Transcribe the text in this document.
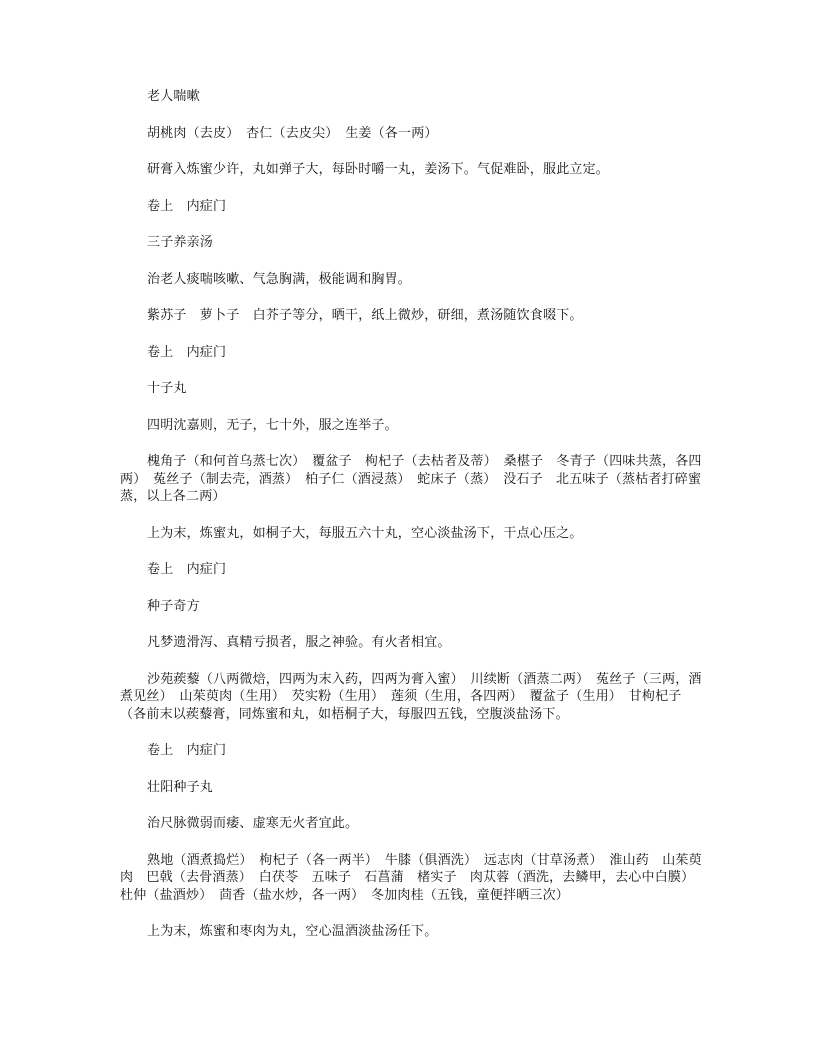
老人喘嗽

胡桃肉（去皮）　杏仁（去皮尖）　生姜（各一两）

研膏入炼蜜少许，丸如弹子大，每卧时嚼一丸，姜汤下。气促难卧，服此立定。

卷上　内症门

三子养亲汤

治老人痰喘咳嗽、气急胸满，极能调和胸胃。

紫苏子　萝卜子　白芥子等分，晒干，纸上微炒，研细，煮汤随饮食啜下。

卷上　内症门

十子丸

四明沈嘉则，无子，七十外，服之连举子。

槐角子（和何首乌蒸七次）　覆盆子　枸杞子（去枯者及蒂）　桑椹子　冬青子（四味共蒸，各四两）　菟丝子（制去壳，酒蒸）　柏子仁（酒浸蒸）　蛇床子（蒸）　没石子　北五味子（蒸枯者打碎蜜蒸，以上各二两）

上为末，炼蜜丸，如桐子大，每服五六十丸，空心淡盐汤下，干点心压之。

卷上　内症门

种子奇方

凡梦遗滑泻、真精亏损者，服之神验。有火者相宜。

沙苑蒺藜（八两微焙，四两为末入药，四两为膏入蜜）　川续断（酒蒸二两）　菟丝子（三两，酒煮见丝）　山茱萸肉（生用）　芡实粉（生用）　莲须（生用，各四两）　覆盆子（生用）　甘枸杞子（各前末以蒺藜膏，同炼蜜和丸，如梧桐子大，每服四五钱，空腹淡盐汤下。

卷上　内症门

壮阳种子丸

治尺脉微弱而痿、虚寒无火者宜此。

熟地（酒煮捣烂）　枸杞子（各一两半）　牛膝（俱酒洗）　远志肉（甘草汤煮）　淮山药　山茱萸肉　巴戟（去骨酒蒸）　白茯苓　五味子　石菖蒲　楮实子　肉苁蓉（酒洗，去鳞甲，去心中白膜）　杜仲（盐酒炒）　茴香（盐水炒，各一两）　冬加肉桂（五钱，童便拌晒三次）

上为末，炼蜜和枣肉为丸，空心温酒淡盐汤任下。
